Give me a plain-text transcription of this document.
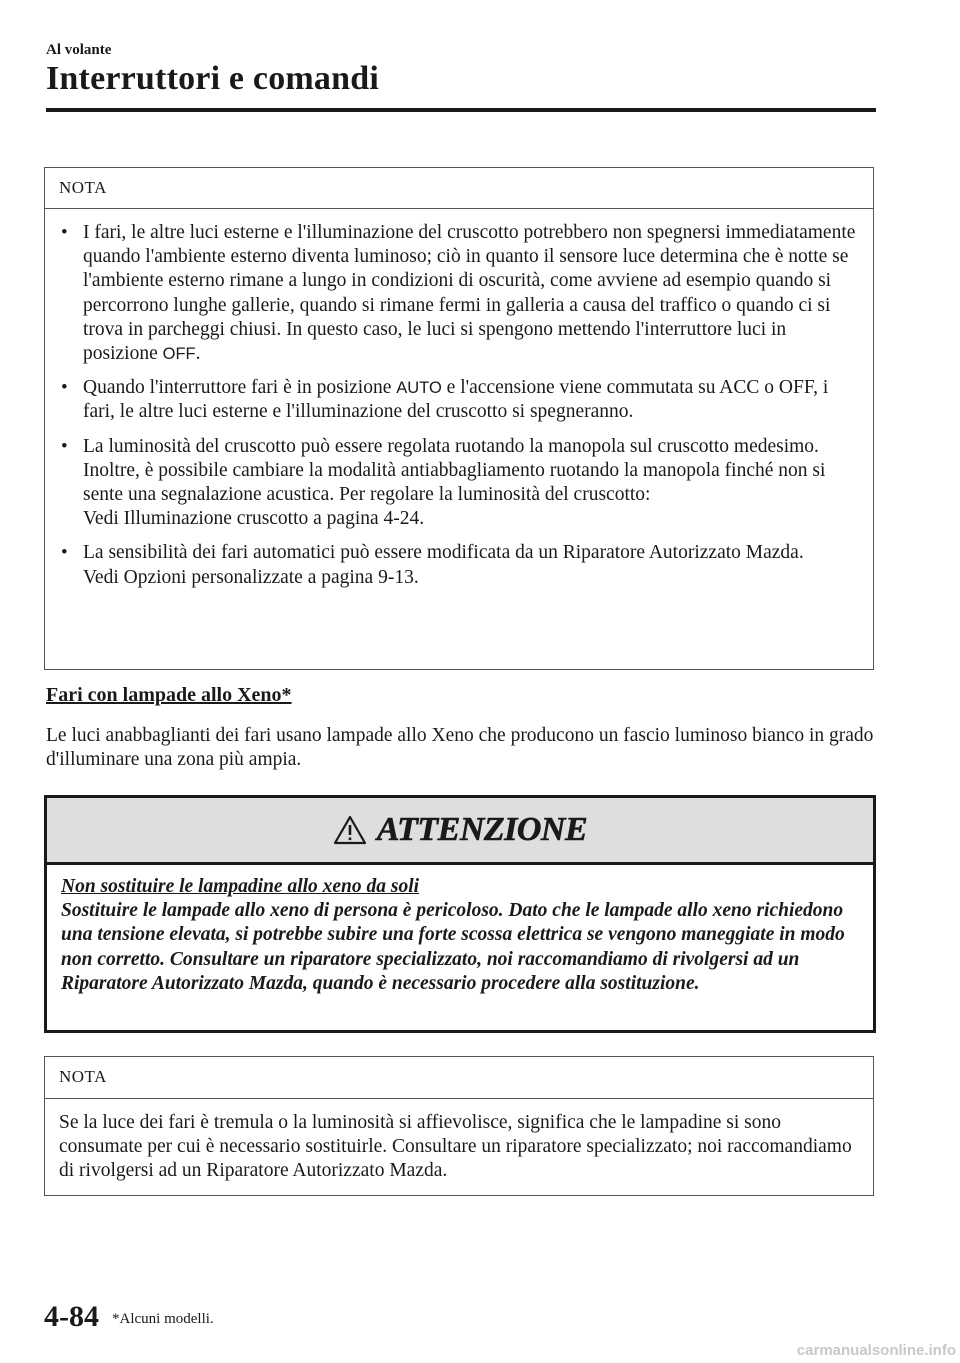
Al volante
Interruttori e comandi
NOTA
• I fari, le altre luci esterne e l'illuminazione del cruscotto potrebbero non spegnersi immediatamente quando l'ambiente esterno diventa luminoso; ciò in quanto il sensore luce determina che è notte se l'ambiente esterno rimane a lungo in condizioni di oscurità, come avviene ad esempio quando si percorrono lunghe gallerie, quando si rimane fermi in galleria a causa del traffico o quando ci si trova in parcheggi chiusi. In questo caso, le luci si spengono mettendo l'interruttore luci in posizione OFF.
• Quando l'interruttore fari è in posizione AUTO e l'accensione viene commutata su ACC o OFF, i fari, le altre luci esterne e l'illuminazione del cruscotto si spegneranno.
• La luminosità del cruscotto può essere regolata ruotando la manopola sul cruscotto medesimo. Inoltre, è possibile cambiare la modalità antiabbagliamento ruotando la manopola finché non si sente una segnalazione acustica. Per regolare la luminosità del cruscotto:
Vedi Illuminazione cruscotto a pagina 4-24.
• La sensibilità dei fari automatici può essere modificata da un Riparatore Autorizzato Mazda.
Vedi Opzioni personalizzate a pagina 9-13.
Fari con lampade allo Xeno*

Le luci anabbaglianti dei fari usano lampade allo Xeno che producono un fascio luminoso bianco in grado d'illuminare una zona più ampia.

ATTENZIONE
Non sostituire le lampadine allo xeno da soli
Sostituire le lampade allo xeno di persona è pericoloso. Dato che le lampade allo xeno richiedono una tensione elevata, si potrebbe subire una forte scossa elettrica se vengono maneggiate in modo non corretto. Consultare un riparatore specializzato, noi raccomandiamo di rivolgersi ad un Riparatore Autorizzato Mazda, quando è necessario procedere alla sostituzione.
NOTA
Se la luce dei fari è tremula o la luminosità si affievolisce, significa che le lampadine si sono consumate per cui è necessario sostituirle. Consultare un riparatore specializzato; noi raccomandiamo di rivolgersi ad un Riparatore Autorizzato Mazda.
4-84 *Alcuni modelli.
carmanualsonline.info
